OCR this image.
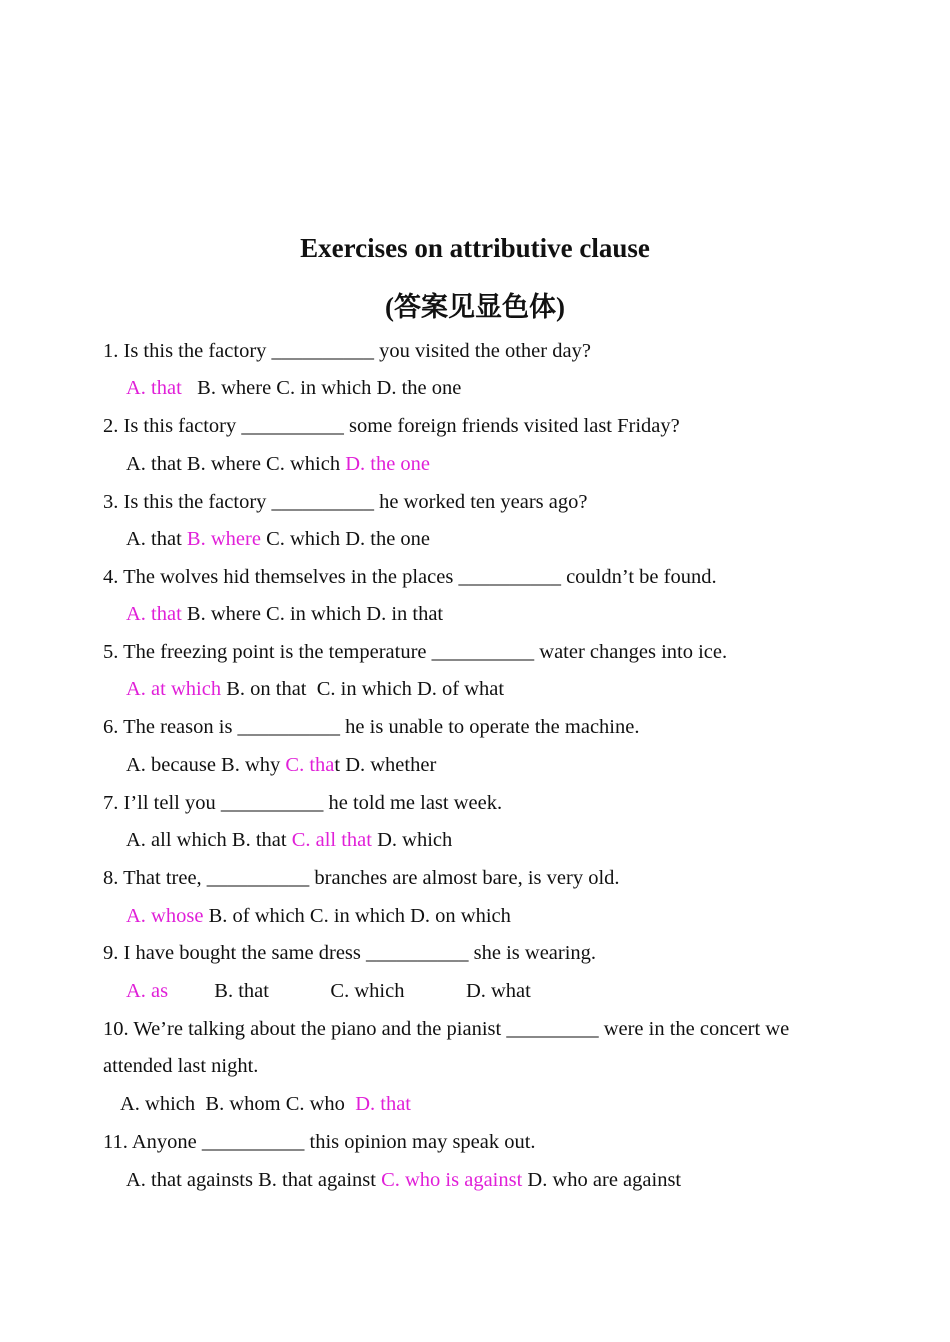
Exercises on attributive clause
(答案见显色体)
1. Is this the factory __________ you visited the other day?
A. that   B. where C. in which D. the one
2. Is this factory __________ some foreign friends visited last Friday?
A. that B. where C. which D. the one
3. Is this the factory __________ he worked ten years ago?
A. that B. where C. which D. the one
4. The wolves hid themselves in the places __________ couldn’t be found.
A. that B. where C. in which D. in that
5. The freezing point is the temperature __________ water changes into ice.
A. at which B. on that  C. in which D. of what
6. The reason is __________ he is unable to operate the machine.
A. because B. why C. that D. whether
7. I’ll tell you __________ he told me last week.
A. all which B. that C. all that D. which
8. That tree, __________ branches are almost bare, is very old.
A. whose B. of which C. in which D. on which
9. I have bought the same dress __________ she is wearing.
A. as         B. that            C. which            D. what
10. We’re talking about the piano and the pianist _________ were in the concert we
attended last night.
A. which  B. whom C. who  D. that
11. Anyone __________ this opinion may speak out.
A. that againsts B. that against C. who is against D. who are against
